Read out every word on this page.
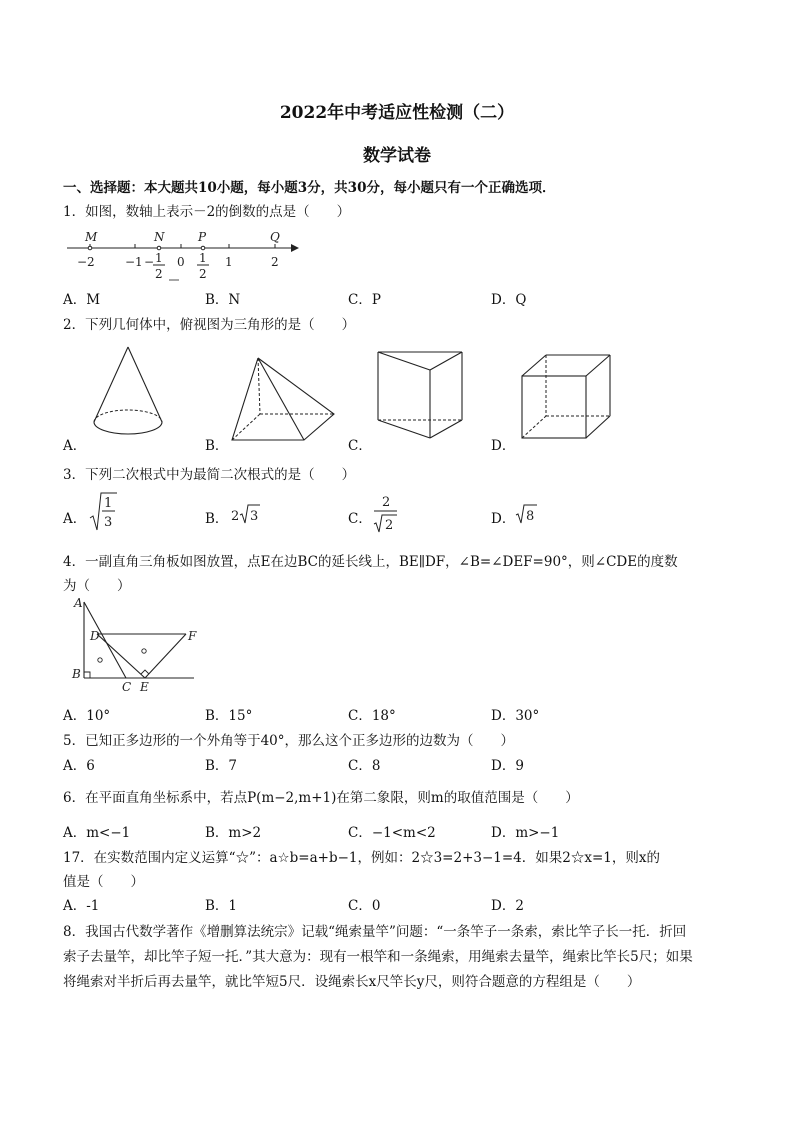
2022年中考适应性检测（二）
数学试卷
一、选择题：本大题共10小题，每小题3分，共30分，每小题只有一个正确选项．
1．如图，数轴上表示－2的倒数的点是（　　）
M	N	P	Q
−2	−1 − 1
2
0 1
2
1	2
A．M	B．N	C．P	D．Q
2．下列几何体中，俯视图为三角形的是（　　）
A．	B．	C．	D．
3．下列二次根式中为最简二次根式的是（　　）
A．
1
3	B． 2 3	C．
2
2	D． 8
4．一副直角三角板如图放置，点E在边BC的延长线上，BE∥DF，∠B=∠DEF=90°，则∠CDE的度数
为（　　）
A
D	F
B
C E
A．10°	B．15°	C．18°	D．30°
5．已知正多边形的一个外角等于40°，那么这个正多边形的边数为（　　）
A．6	B．7	C．8	D．9
6．在平面直角坐标系中，若点P(m−2,m+1)在第二象限，则m的取值范围是（　　）
A．m<−1	B．m>2	C．−1<m<2	D．m>−1
17．在实数范围内定义运算“☆”：a☆b=a+b−1，例如：2☆3=2+3−1=4．如果2☆x=1，则x的
值是（　　）
A．-1	B．1	C．0	D．2
8．我国古代数学著作《增删算法统宗》记载“绳索量竿”问题：“一条竿子一条索，索比竿子长一托．折回
索子去量竿，却比竿子短一托．”其大意为：现有一根竿和一条绳索，用绳索去量竿，绳索比竿长5尺；如果
将绳索对半折后再去量竿，就比竿短5尺．设绳索长x尺竿长y尺，则符合题意的方程组是（　　）
